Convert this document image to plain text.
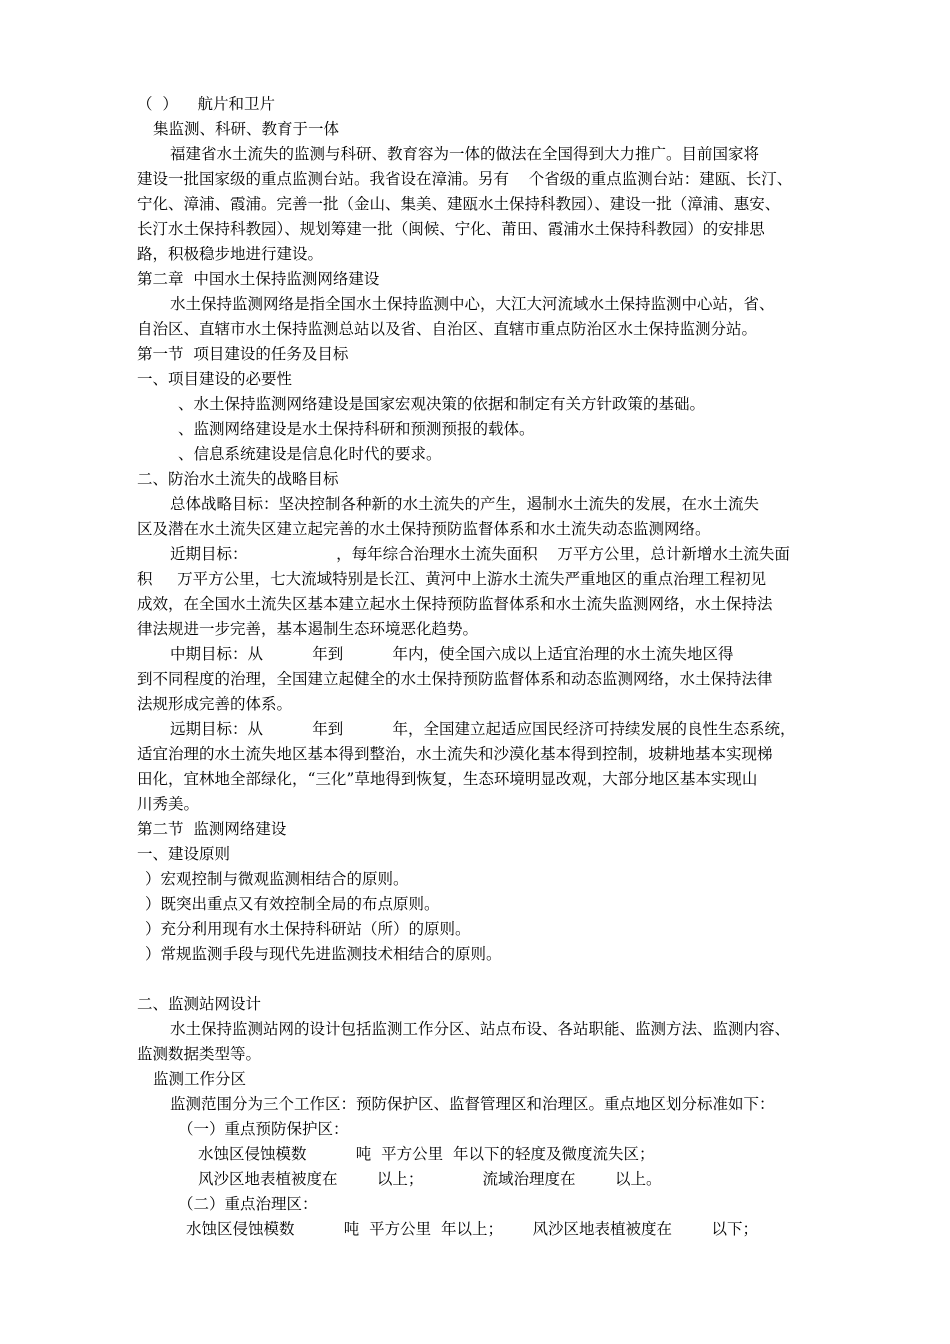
（  ）    航片和卫片
集监测、科研、教育于一体
福建省水土流失的监测与科研、教育容为一体的做法在全国得到大力推广。目前国家将
建设一批国家级的重点监测台站。我省设在漳浦。另有    个省级的重点监测台站：建瓯、长汀、
宁化、漳浦、霞浦。完善一批（金山、集美、建瓯水土保持科教园）、建设一批（漳浦、惠安、
长汀水土保持科教园）、规划筹建一批（闽候、宁化、莆田、霞浦水土保持科教园）的安排思
路，积极稳步地进行建设。
第二章  中国水土保持监测网络建设
水土保持监测网络是指全国水土保持监测中心，大江大河流域水土保持监测中心站，省、
自治区、直辖市水土保持监测总站以及省、自治区、直辖市重点防治区水土保持监测分站。
第一节  项目建设的任务及目标
一、项目建设的必要性
、水土保持监测网络建设是国家宏观决策的依据和制定有关方针政策的基础。
、监测网络建设是水土保持科研和预测预报的载体。
、信息系统建设是信息化时代的要求。
二、防治水土流失的战略目标
总体战略目标：坚决控制各种新的水土流失的产生，遏制水土流失的发展，在水土流失
区及潜在水土流失区建立起完善的水土保持预防监督体系和水土流失动态监测网络。
近期目标：                  ，每年综合治理水土流失面积    万平方公里，总计新增水土流失面
积     万平方公里，七大流域特别是长江、黄河中上游水土流失严重地区的重点治理工程初见
成效，在全国水土流失区基本建立起水土保持预防监督体系和水土流失监测网络，水土保持法
律法规进一步完善，基本遏制生态环境恶化趋势。
中期目标：从          年到          年内，使全国六成以上适宜治理的水土流失地区得
到不同程度的治理，全国建立起健全的水土保持预防监督体系和动态监测网络，水土保持法律
法规形成完善的体系。
远期目标：从          年到          年，全国建立起适应国民经济可持续发展的良性生态系统，
适宜治理的水土流失地区基本得到整治，水土流失和沙漠化基本得到控制，坡耕地基本实现梯
田化，宜林地全部绿化，“三化”草地得到恢复，生态环境明显改观，大部分地区基本实现山
川秀美。
第二节  监测网络建设
一、建设原则
）宏观控制与微观监测相结合的原则。
）既突出重点又有效控制全局的布点原则。
）充分利用现有水土保持科研站（所）的原则。
）常规监测手段与现代先进监测技术相结合的原则。
二、监测站网设计
水土保持监测站网的设计包括监测工作分区、站点布设、各站职能、监测方法、监测内容、
监测数据类型等。
监测工作分区
监测范围分为三个工作区：预防保护区、监督管理区和治理区。重点地区划分标准如下：
（一）重点预防保护区：
水蚀区侵蚀模数          吨  平方公里  年以下的轻度及微度流失区；
风沙区地表植被度在        以上；            流域治理度在        以上。
（二）重点治理区：
水蚀区侵蚀模数          吨  平方公里  年以上；      风沙区地表植被度在        以下；
